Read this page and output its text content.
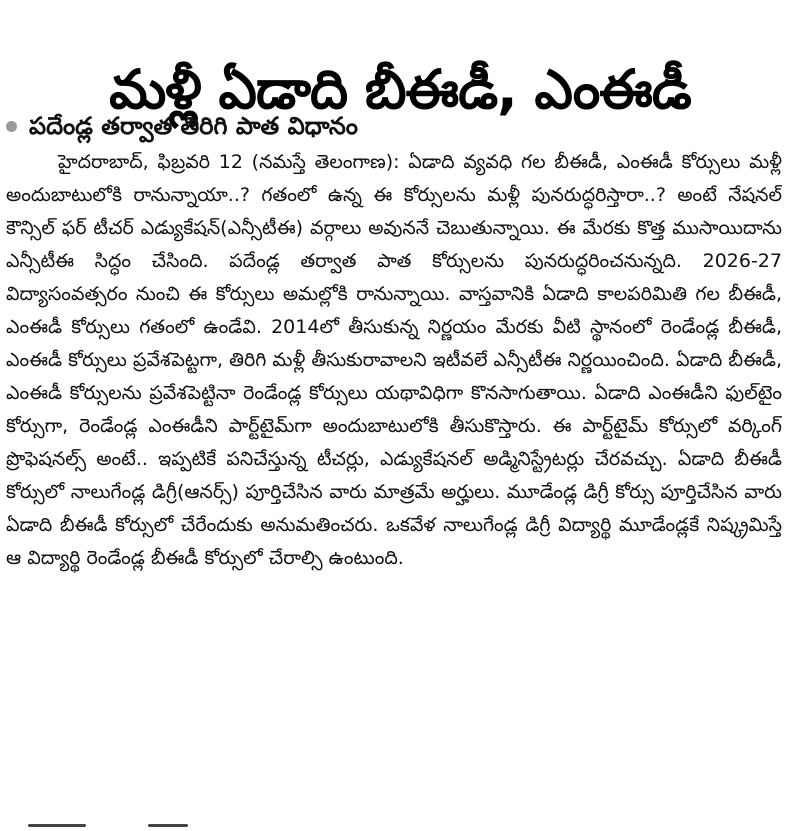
మళ్లీ ఏడాది బీఈడీ, ఎంఈడీ
పదేండ్ల తర్వాత తిరిగి పాత విధానం

హైదరాబాద్, ఫిబ్రవరి 12 (నమస్తే తెలంగాణ): ఏడాది వ్యవధి గల బీఈడీ, ఎంఈడీ కోర్సులు మళ్లీ అందుబాటులోకి రానున్నాయా..? గతంలో ఉన్న ఈ కోర్సులను మళ్లీ పునరుద్ధరిస్తారా..? అంటే నేషనల్ కౌన్సిల్ ఫర్ టీచర్ ఎడ్యుకేషన్(ఎన్సీటీఈ) వర్గాలు అవుననే చెబుతున్నాయి. ఈ మేరకు కొత్త ముసాయిదాను ఎన్సీటీఈ సిద్ధం చేసింది. పదేండ్ల తర్వాత పాత కోర్సులను పునరుద్ధరించనున్నది. 2026-27 విద్యాసంవత్సరం నుంచి ఈ కోర్సులు అమల్లోకి రానున్నాయి. వాస్తవానికి ఏడాది కాలపరిమితి గల బీఈడీ, ఎంఈడీ కోర్సులు గతంలో ఉండేవి. 2014లో తీసుకున్న నిర్ణయం మేరకు వీటి స్థానంలో రెండేండ్ల బీఈడీ, ఎంఈడీ కోర్సులు ప్రవేశపెట్టగా, తిరిగి మళ్లీ తీసుకురావాలని ఇటీవలే ఎన్సీటీఈ నిర్ణయించింది. ఏడాది బీఈడీ, ఎంఈడీ కోర్సులను ప్రవేశపెట్టినా రెండేండ్ల కోర్సులు యథావిధిగా కొనసాగుతాయి. ఏడాది ఎంఈడీని ఫుల్‌టైం కోర్సుగా, రెండేండ్ల ఎంఈడీని పార్ట్‌టైమ్‌గా అందుబాటులోకి తీసుకొస్తారు. ఈ పార్ట్‌టైమ్ కోర్సులో వర్కింగ్ ప్రొఫెషనల్స్ అంటే.. ఇప్పటికే పనిచేస్తున్న టీచర్లు, ఎడ్యుకేషనల్ అడ్మినిస్ట్రేటర్లు చేరవచ్చు. ఏడాది బీఈడీ కోర్సులో నాలుగేండ్ల డిగ్రీ(ఆనర్స్) పూర్తిచేసిన వారు మాత్రమే అర్హులు. మూడేండ్ల డిగ్రీ కోర్సు పూర్తిచేసిన వారు ఏడాది బీఈడీ కోర్సులో చేరేందుకు అనుమతించరు. ఒకవేళ నాలుగేండ్ల డిగ్రీ విద్యార్థి మూడేండ్లకే నిష్క్రమిస్తే ఆ విద్యార్థి రెండేండ్ల బీఈడీ కోర్సులో చేరాల్సి ఉంటుంది.
